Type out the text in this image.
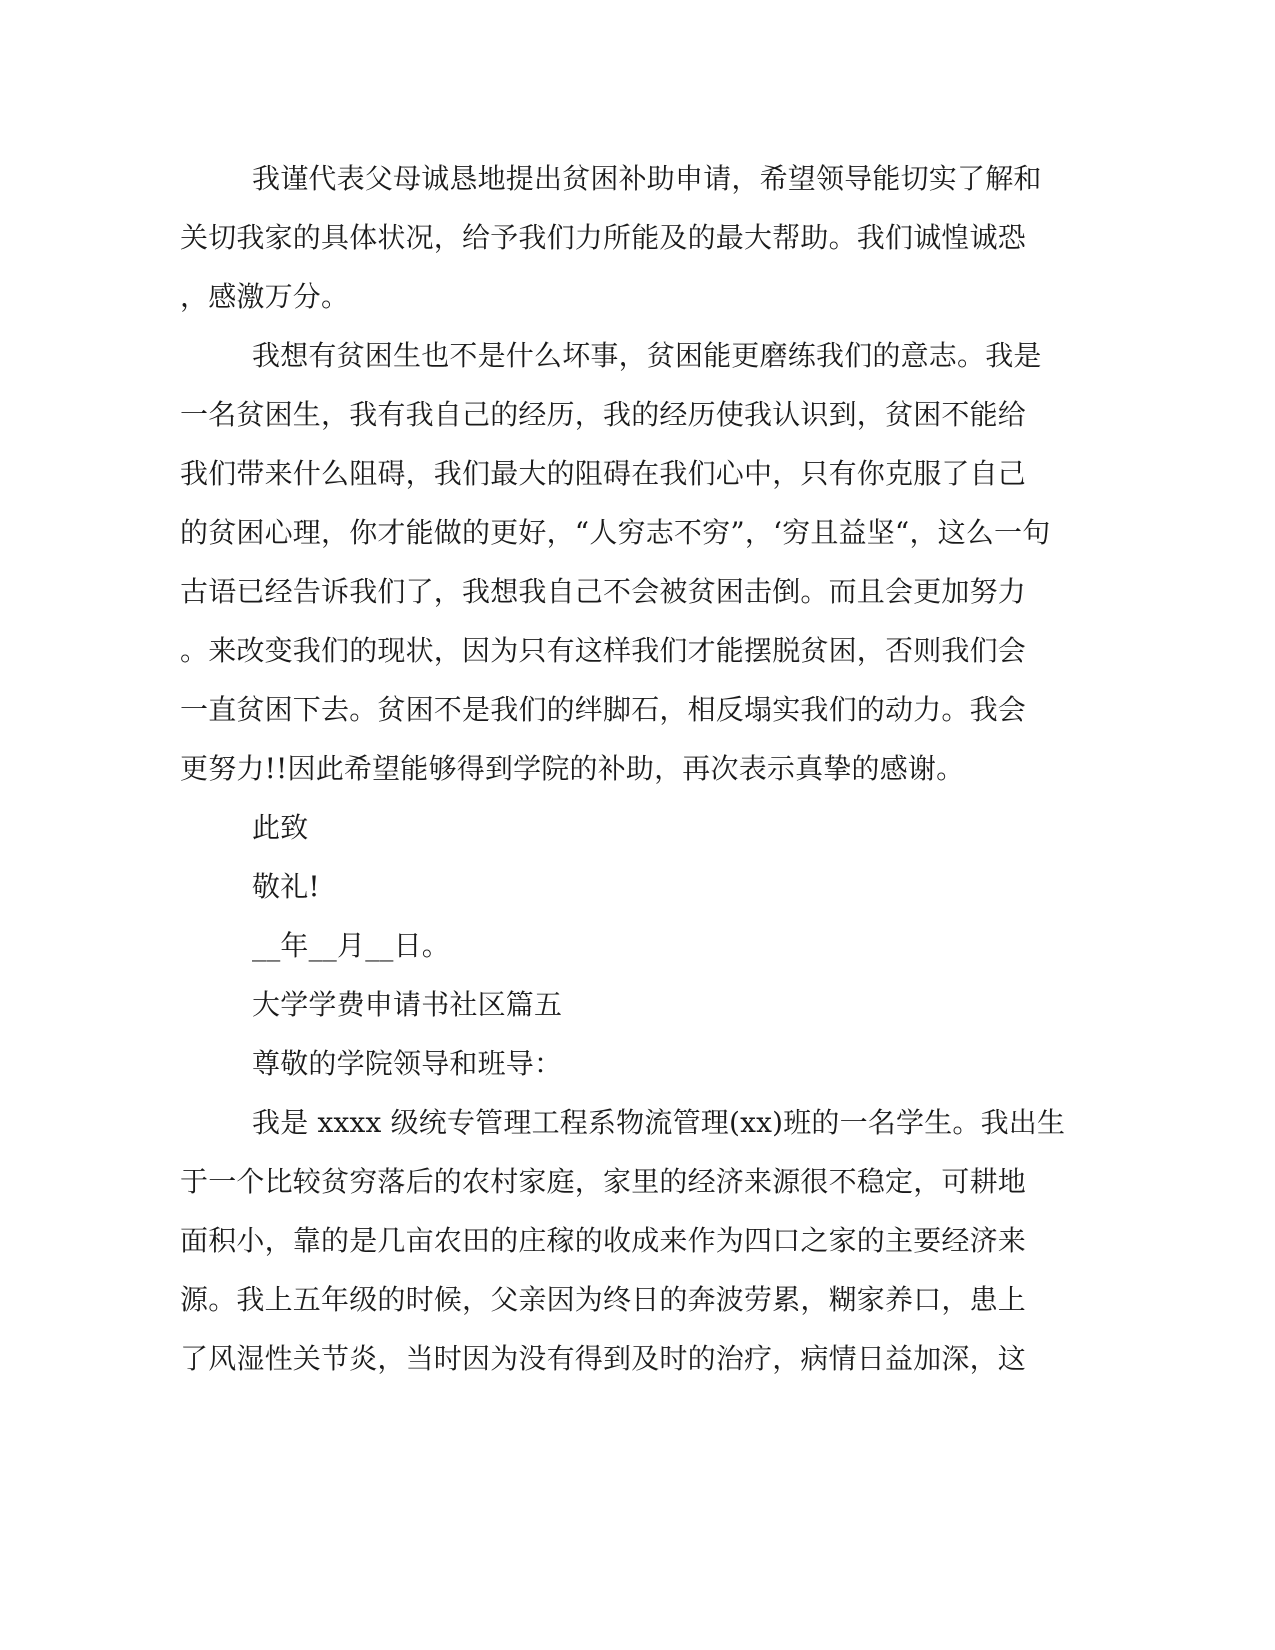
我谨代表父母诚恳地提出贫困补助申请，希望领导能切实了解和
关切我家的具体状况，给予我们力所能及的最大帮助。我们诚惶诚恐
，感激万分。
我想有贫困生也不是什么坏事，贫困能更磨练我们的意志。我是
一名贫困生，我有我自己的经历，我的经历使我认识到，贫困不能给
我们带来什么阻碍，我们最大的阻碍在我们心中，只有你克服了自己
的贫困心理，你才能做的更好，“人穷志不穷”，‘穷且益坚“，这么一句
古语已经告诉我们了，我想我自己不会被贫困击倒。而且会更加努力
。来改变我们的现状，因为只有这样我们才能摆脱贫困，否则我们会
一直贫困下去。贫困不是我们的绊脚石，相反塌实我们的动力。我会
更努力!!因此希望能够得到学院的补助，再次表示真挚的感谢。
此致
敬礼!
__年__月__日。
大学学费申请书社区篇五
尊敬的学院领导和班导：
我是 xxxx 级统专管理工程系物流管理(xx)班的一名学生。我出生
于一个比较贫穷落后的农村家庭，家里的经济来源很不稳定，可耕地
面积小，靠的是几亩农田的庄稼的收成来作为四口之家的主要经济来
源。我上五年级的时候，父亲因为终日的奔波劳累，糊家养口，患上
了风湿性关节炎，当时因为没有得到及时的治疗，病情日益加深，这
